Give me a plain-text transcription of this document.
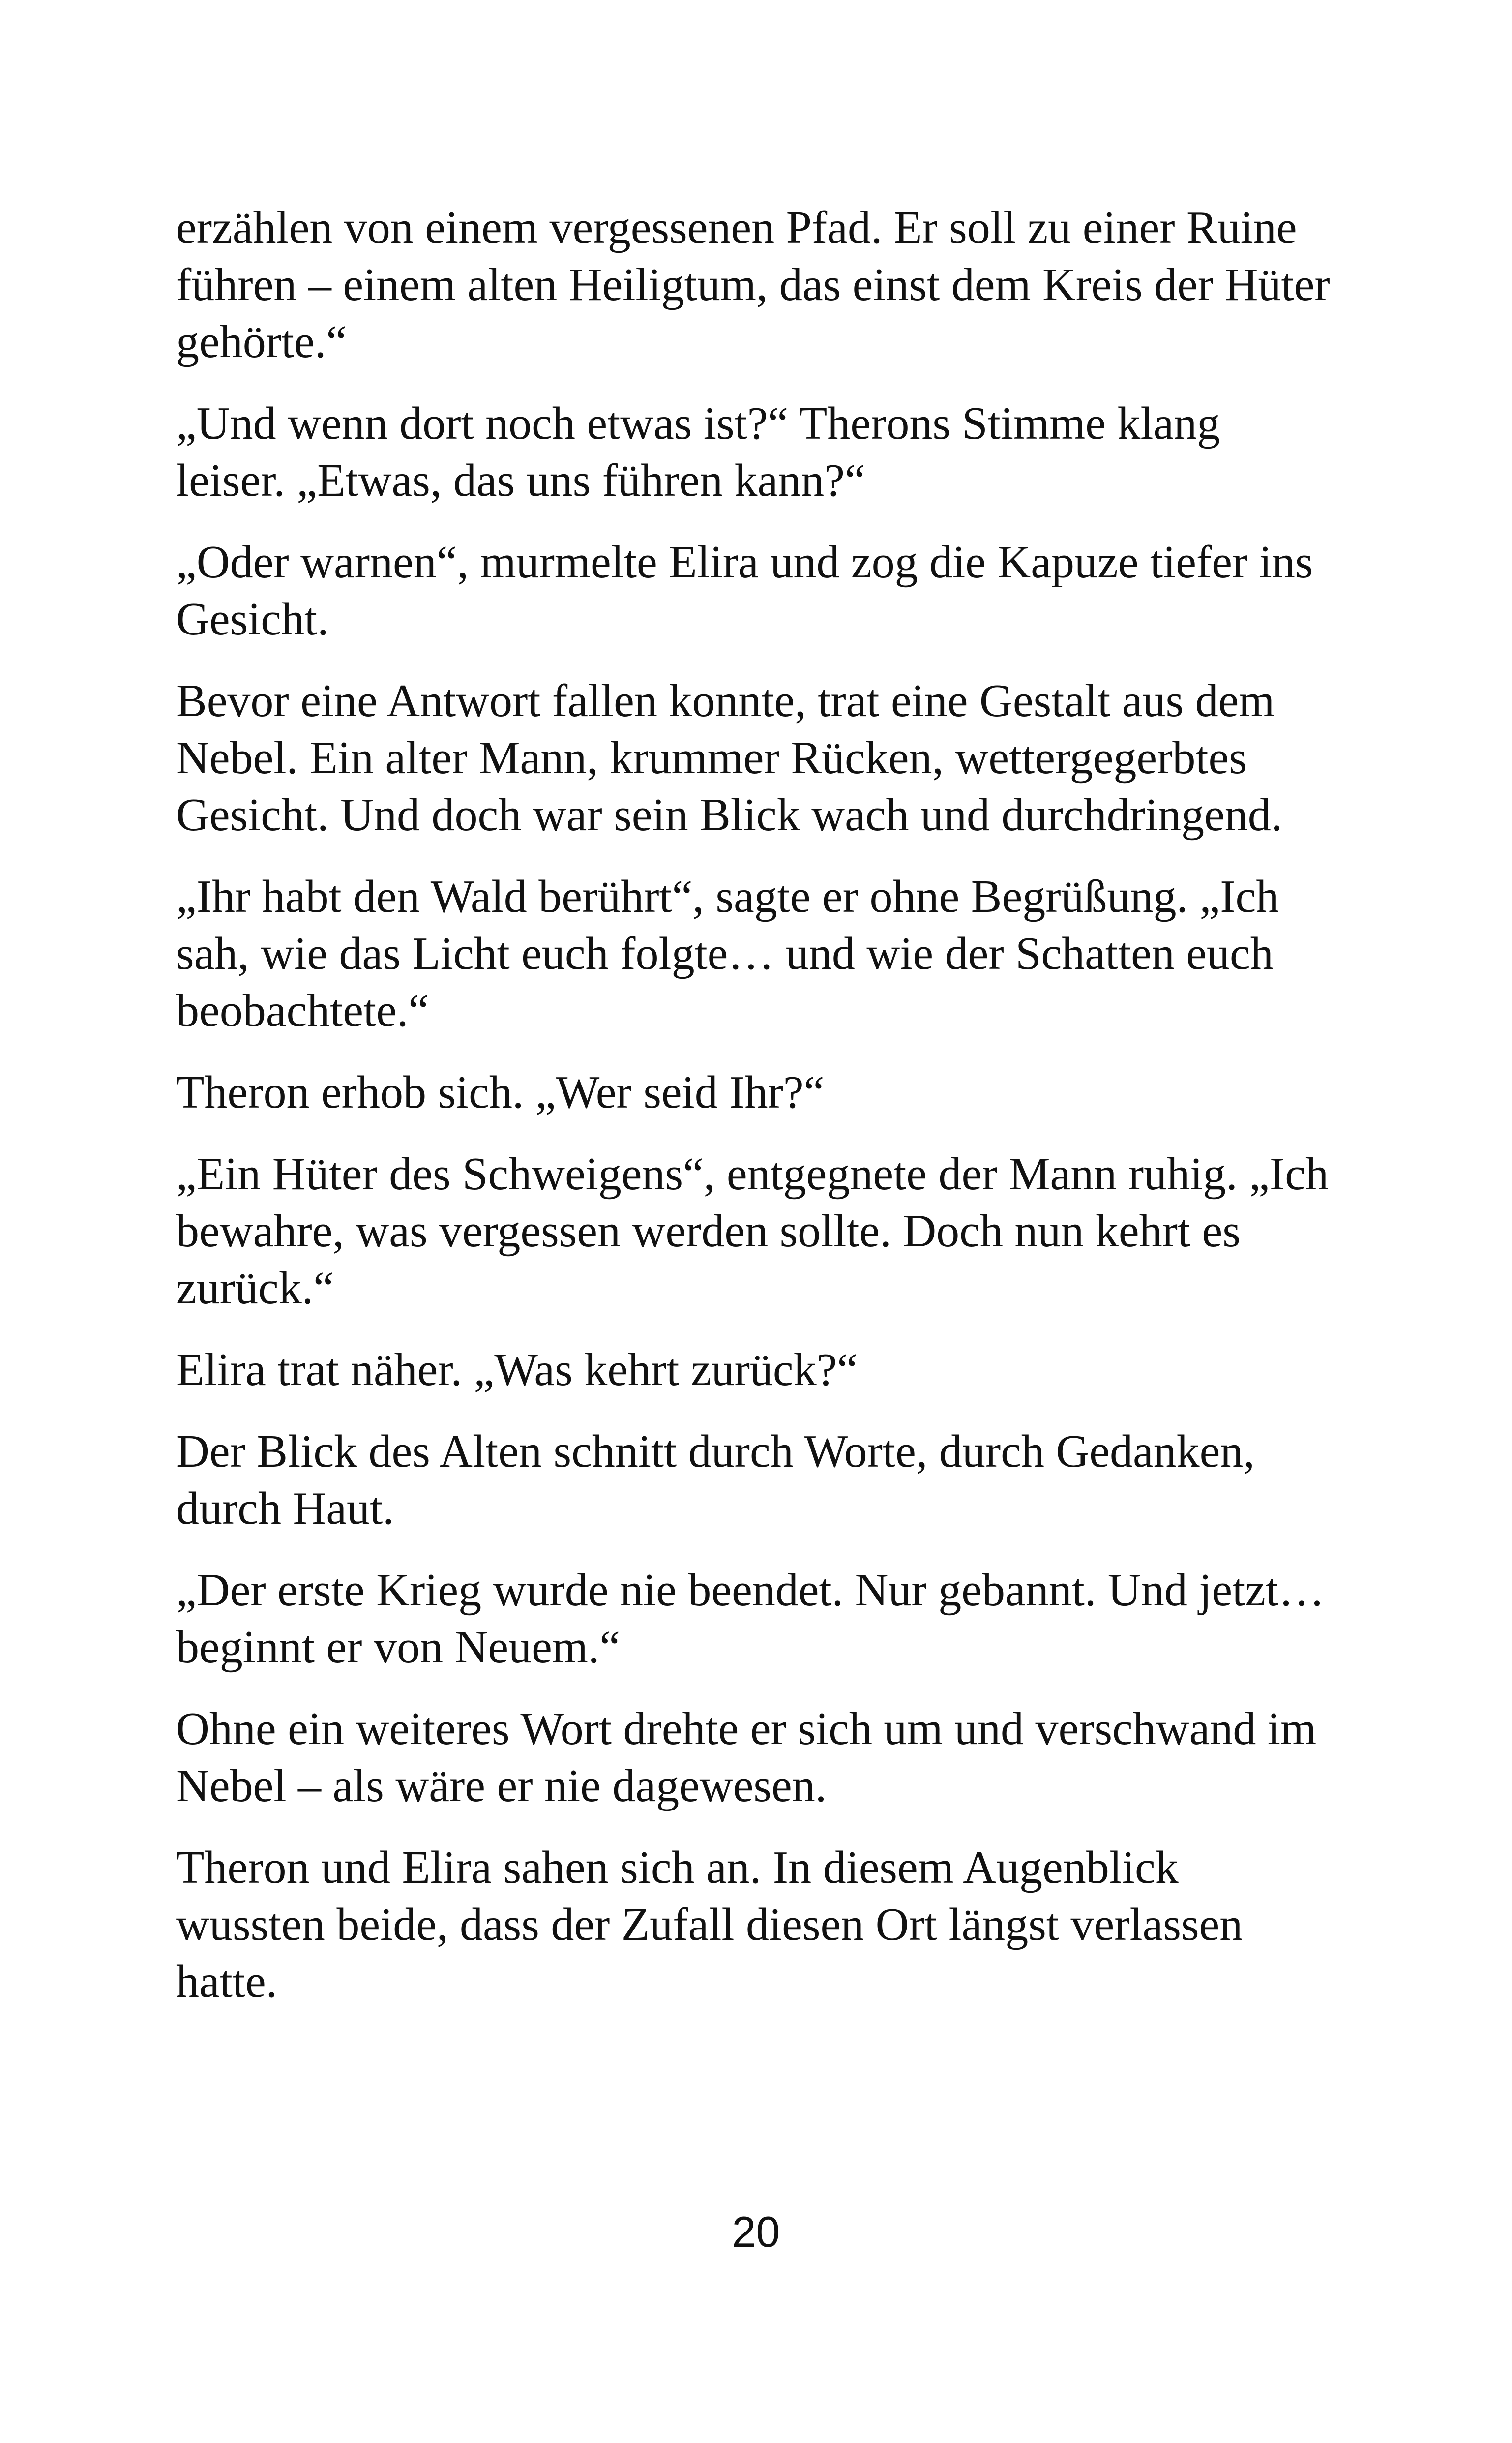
erzählen von einem vergessenen Pfad. Er soll zu einer Ruine führen – einem alten Heiligtum, das einst dem Kreis der Hüter gehörte.“

„Und wenn dort noch etwas ist?“ Therons Stimme klang leiser. „Etwas, das uns führen kann?“

„Oder warnen“, murmelte Elira und zog die Kapuze tiefer ins Gesicht.

Bevor eine Antwort fallen konnte, trat eine Gestalt aus dem Nebel. Ein alter Mann, krummer Rücken, wettergegerbtes Gesicht. Und doch war sein Blick wach und durchdringend.

„Ihr habt den Wald berührt“, sagte er ohne Begrüßung. „Ich sah, wie das Licht euch folgte… und wie der Schatten euch beobachtete.“

Theron erhob sich. „Wer seid Ihr?“

„Ein Hüter des Schweigens“, entgegnete der Mann ruhig. „Ich bewahre, was vergessen werden sollte. Doch nun kehrt es zurück.“

Elira trat näher. „Was kehrt zurück?“

Der Blick des Alten schnitt durch Worte, durch Gedanken, durch Haut.

„Der erste Krieg wurde nie beendet. Nur gebannt. Und jetzt… beginnt er von Neuem.“

Ohne ein weiteres Wort drehte er sich um und verschwand im Nebel – als wäre er nie dagewesen.

Theron und Elira sahen sich an. In diesem Augenblick wussten beide, dass der Zufall diesen Ort längst verlassen hatte.

20
